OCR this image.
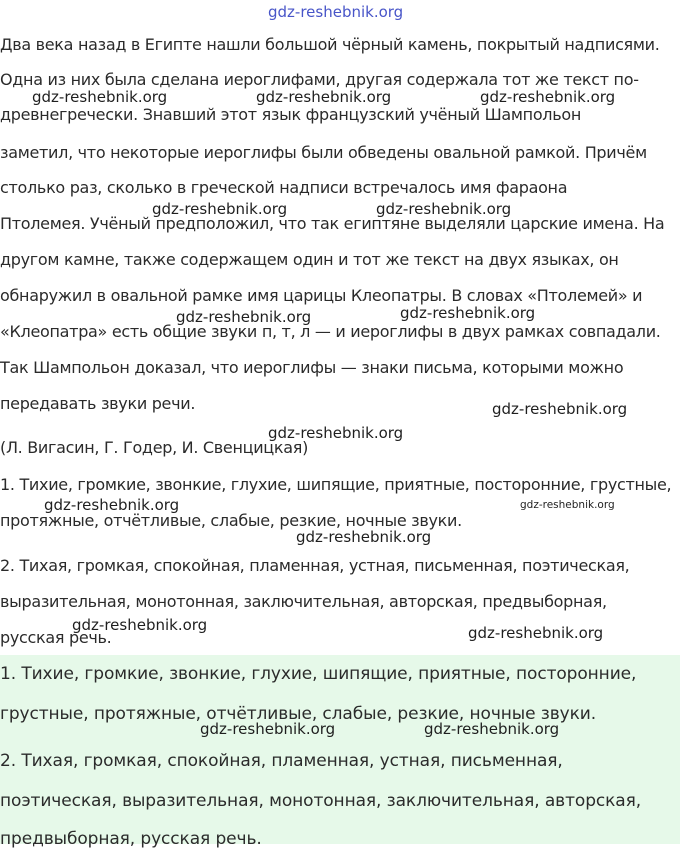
Два века назад в Египте нашли большой чёрный камень, покрытый надписями.
Одна из них была сделана иероглифами, другая содержала тот же текст по-
древнегречески. Знавший этот язык французский учёный Шампольон
заметил, что некоторые иероглифы были обведены овальной рамкой. Причём
столько раз, сколько в греческой надписи встречалось имя фараона
Птолемея. Учёный предположил, что так египтяне выделяли царские имена. На
другом камне, также содержащем один и тот же текст на двух языках, он
обнаружил в овальной рамке имя царицы Клеопатры. В словах «Птолемей» и
«Клеопатра» есть общие звуки п, т, л — и иероглифы в двух рамках совпадали.
Так Шампольон доказал, что иероглифы — знаки письма, которыми можно
передавать звуки речи.
(Л. Вигасин, Г. Годер, И. Свенцицкая)
1. Тихие, громкие, звонкие, глухие, шипящие, приятные, посторонние, грустные,
протяжные, отчётливые, слабые, резкие, ночные звуки.
2. Тихая, громкая, спокойная, пламенная, устная, письменная, поэтическая,
выразительная, монотонная, заключительная, авторская, предвыборная,
русская речь.
1. Тихие, громкие, звонкие, глухие, шипящие, приятные, посторонние,
грустные, протяжные, отчётливые, слабые, резкие, ночные звуки.
2. Тихая, громкая, спокойная, пламенная, устная, письменная,
поэтическая, выразительная, монотонная, заключительная, авторская,
предвыборная, русская речь.
gdz-reshebnik.org
gdz-reshebnik.org	gdz-reshebnik.org	gdz-reshebnik.org
gdz-reshebnik.org	gdz-reshebnik.org
gdz-reshebnik.org	gdz-reshebnik.org
gdz-reshebnik.org
gdz-reshebnik.org
gdz-reshebnik.org	gdz-reshebnik.org
gdz-reshebnik.org
gdz-reshebnik.org	gdz-reshebnik.org
gdz-reshebnik.org	gdz-reshebnik.org
